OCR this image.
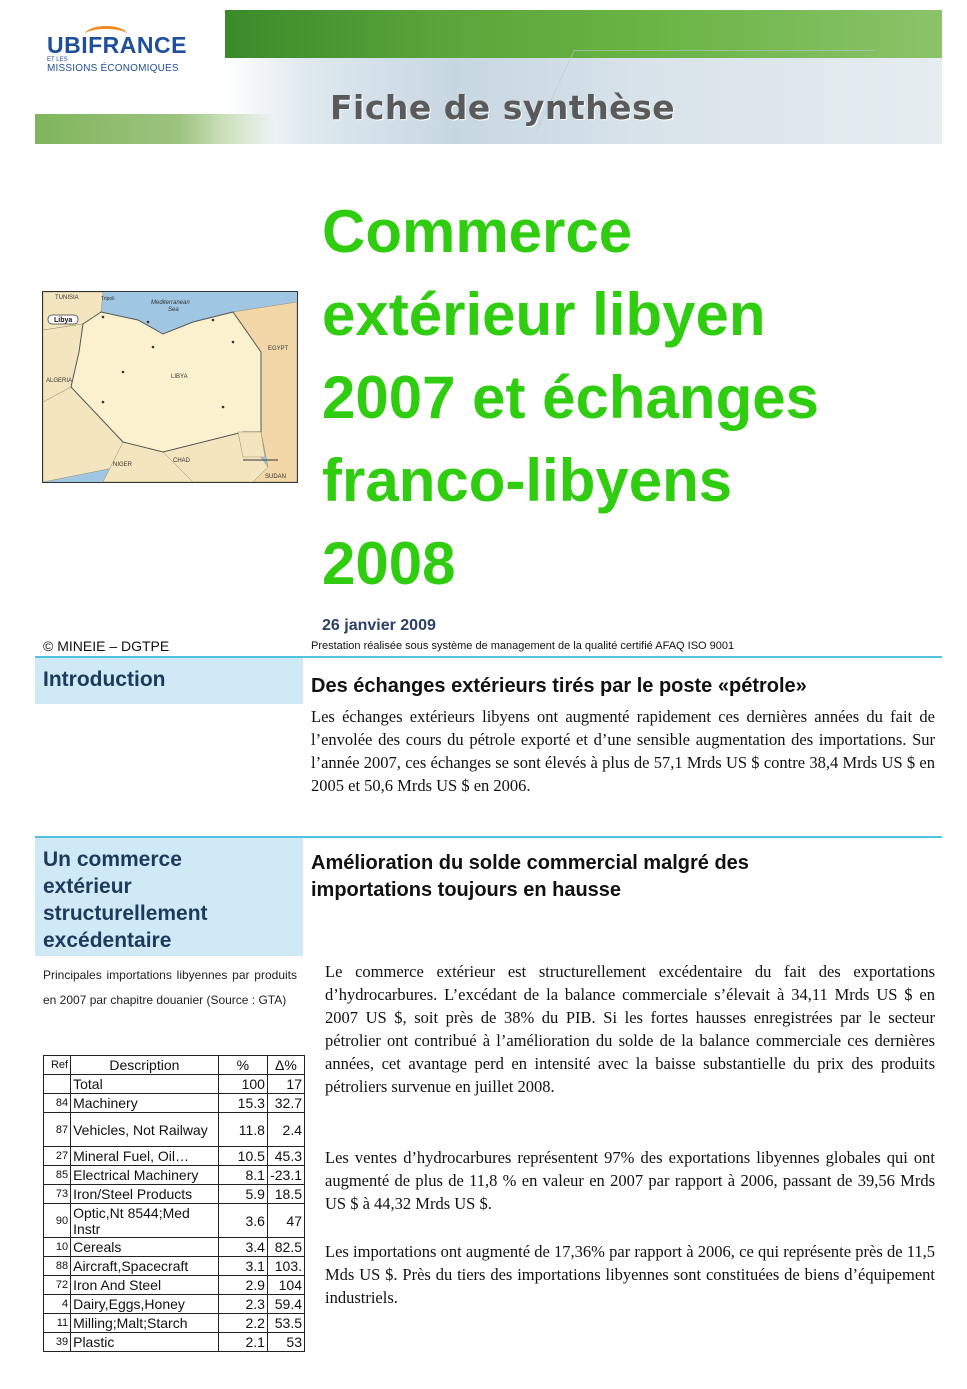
UBIFRANCE
ET LES
MISSIONS ÉCONOMIQUES
Fiche de synthèse
TUNISIA	Tripoli
Mediterranean
Sea
Libya
ALGERIA
LIBYA
EGYPT
NIGER
CHAD
SUDAN
Commerce
extérieur libyen
2007 et échanges
franco-libyens
2008
26 janvier 2009
© MINEIE – DGTPE	Prestation réalisée sous système de management de la qualité certifié AFAQ ISO 9001
Introduction	Des échanges extérieurs tirés par le poste «pétrole»
Les échanges extérieurs libyens ont augmenté rapidement ces dernières années du fait de l’envolée des cours du pétrole exporté et d’une sensible augmentation des importations. Sur l’année 2007, ces échanges se sont élevés à plus de 57,1 Mrds US $ contre 38,4 Mrds US $ en 2005 et 50,6 Mrds US $ en 2006.
Un commerce
extérieur
structurellement
excédentaire
Amélioration du solde commercial malgré des
importations toujours en hausse
Principales importations libyennes par produits en 2007 par chapitre douanier (Source : GTA)
Ref	Description	%	Δ%
	Total	100	17
84	Machinery	15.3	32.7
87	Vehicles, Not Railway	11.8	2.4
27	Mineral Fuel, Oil…	10.5	45.3
85	Electrical Machinery	8.1	-23.1
73	Iron/Steel Products	5.9	18.5
90	Optic,Nt 8544;Med Instr	3.6	47
10	Cereals	3.4	82.5
88	Aircraft,Spacecraft	3.1	103.
72	Iron And Steel	2.9	104
4	Dairy,Eggs,Honey	2.3	59.4
11	Milling;Malt;Starch	2.2	53.5
39	Plastic	2.1	53
Le commerce extérieur est structurellement excédentaire du fait des exportations d’hydrocarbures. L’excédant de la balance commerciale s’élevait à 34,11 Mrds US $ en 2007 US $, soit près de 38% du PIB. Si les fortes hausses enregistrées par le secteur pétrolier ont contribué à l’amélioration du solde de la balance commerciale ces dernières années, cet avantage perd en intensité avec la baisse substantielle du prix des produits pétroliers survenue en juillet 2008.
Les ventes d’hydrocarbures représentent 97% des exportations libyennes globales qui ont augmenté de plus de 11,8 % en valeur en 2007 par rapport à 2006, passant de 39,56 Mrds US $ à 44,32 Mrds US $.
Les importations ont augmenté de 17,36% par rapport à 2006, ce qui représente près de 11,5 Mds US $. Près du tiers des importations libyennes sont constituées de biens d’équipement industriels.
